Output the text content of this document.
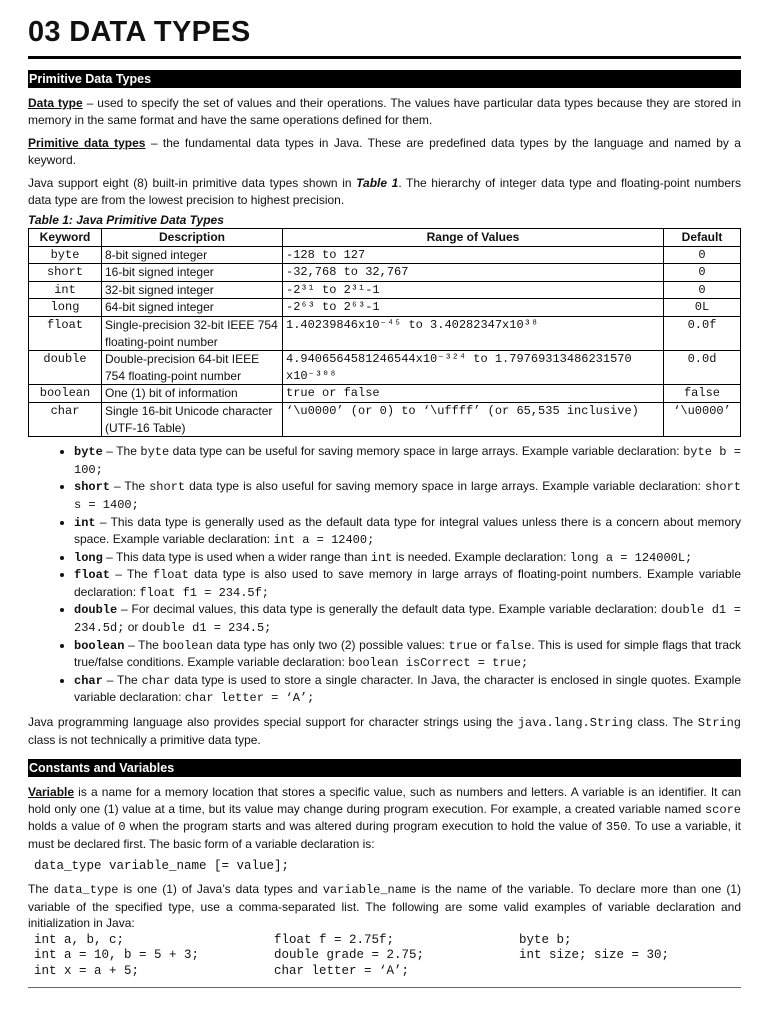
03 DATA TYPES
Primitive Data Types

Data type – used to specify the set of values and their operations. The values have particular data types because they are stored in memory in the same format and have the same operations defined for them.

Primitive data types – the fundamental data types in Java. These are predefined data types by the language and named by a keyword.

Java support eight (8) built-in primitive data types shown in Table 1. The hierarchy of integer data type and floating-point numbers data type are from the lowest precision to highest precision.

Table 1: Java Primitive Data Types
Keyword	Description	Range of Values	Default
byte	8-bit signed integer	-128 to 127	0
short	16-bit signed integer	-32,768 to 32,767	0
int	32-bit signed integer	-2³¹ to 2³¹-1	0
long	64-bit signed integer	-2⁶³ to 2⁶³-1	0L
float	Single-precision 32-bit IEEE 754 floating-point number	1.40239846x10⁻⁴⁵ to 3.40282347x10³⁸	0.0f
double	Double-precision 64-bit IEEE 754 floating-point number	4.9406564581246544x10⁻³²⁴ to 1.79769313486231570 x10⁻³⁰⁸	0.0d
boolean	One (1) bit of information	true or false	false
char	Single 16-bit Unicode character (UTF-16 Table)	‘\u0000’ (or 0) to ‘\uffff’ (or 65,535 inclusive)	‘\u0000’
• byte – The byte data type can be useful for saving memory space in large arrays. Example variable declaration: byte b = 100;
• short – The short data type is also useful for saving memory space in large arrays. Example variable declaration: short s = 1400;
• int – This data type is generally used as the default data type for integral values unless there is a concern about memory space. Example variable declaration: int a = 12400;
• long – This data type is used when a wider range than int is needed. Example declaration: long a = 124000L;
• float – The float data type is also used to save memory in large arrays of floating-point numbers. Example variable declaration: float f1 = 234.5f;
• double – For decimal values, this data type is generally the default data type. Example variable declaration: double d1 = 234.5d; or double d1 = 234.5;
• boolean – The boolean data type has only two (2) possible values: true or false. This is used for simple flags that track true/false conditions. Example variable declaration: boolean isCorrect = true;
• char – The char data type is used to store a single character. In Java, the character is enclosed in single quotes. Example variable declaration: char letter = ‘A’;

Java programming language also provides special support for character strings using the java.lang.String class. The String class is not technically a primitive data type.

Constants and Variables

Variable is a name for a memory location that stores a specific value, such as numbers and letters. A variable is an identifier. It can hold only one (1) value at a time, but its value may change during program execution. For example, a created variable named score holds a value of 0 when the program starts and was altered during program execution to hold the value of 350. To use a variable, it must be declared first. The basic form of a variable declaration is:

data_type variable_name [= value];

The data_type is one (1) of Java’s data types and variable_name is the name of the variable. To declare more than one (1) variable of the specified type, use a comma-separated list. The following are some valid examples of variable declaration and initialization in Java:

int a, b, c;	float f = 2.75f;	byte b;
int a = 10, b = 5 + 3;	double grade = 2.75;	int size; size = 30;
int x = a + 5;	char letter = ‘A’;
